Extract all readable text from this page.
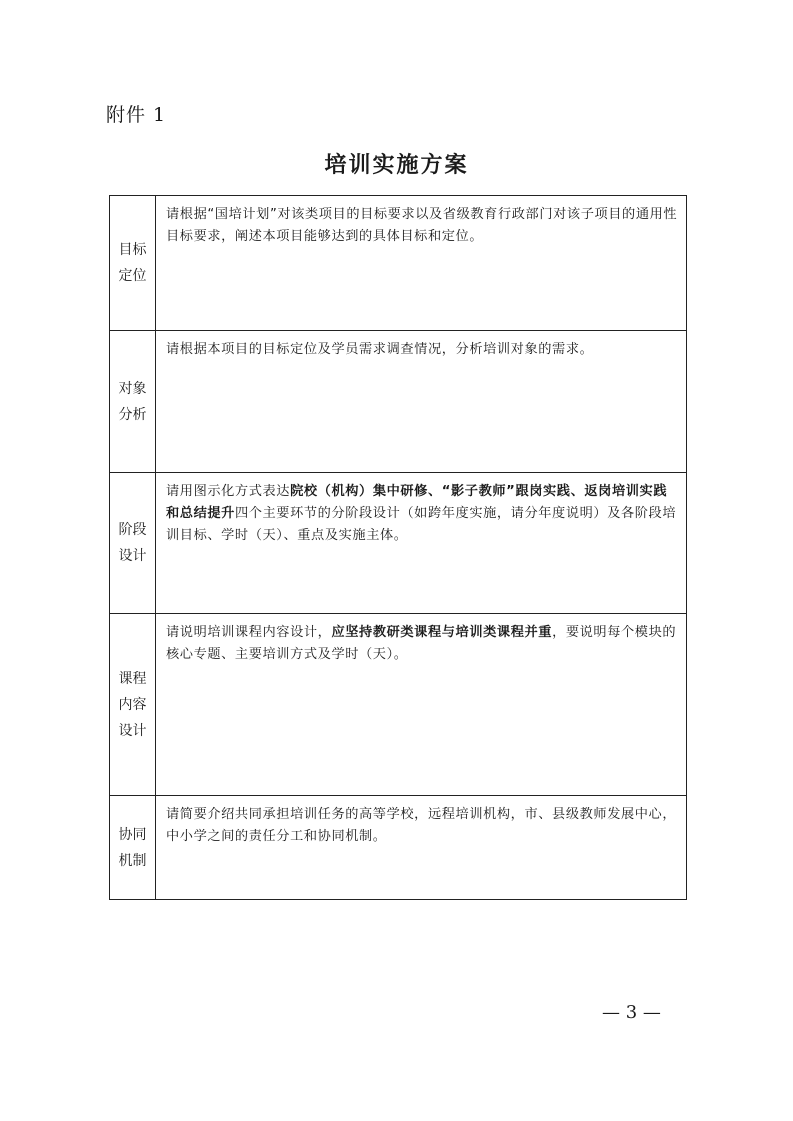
附件 1
培训实施方案
目标
定位	请根据“国培计划”对该类项目的目标要求以及省级教育行政部门对该子项目的通用性目标要求，阐述本项目能够达到的具体目标和定位。

对象
分析	请根据本项目的目标定位及学员需求调查情况，分析培训对象的需求。

阶段
设计	请用图示化方式表达院校（机构）集中研修、“影子教师”跟岗实践、返岗培训实践和总结提升四个主要环节的分阶段设计（如跨年度实施，请分年度说明）及各阶段培训目标、学时（天）、重点及实施主体。

课程
内容
设计	请说明培训课程内容设计，应坚持教研类课程与培训类课程并重，要说明每个模块的核心专题、主要培训方式及学时（天）。

协同
机制	请简要介绍共同承担培训任务的高等学校，远程培训机构，市、县级教师发展中心，中小学之间的责任分工和协同机制。
— 3 —
